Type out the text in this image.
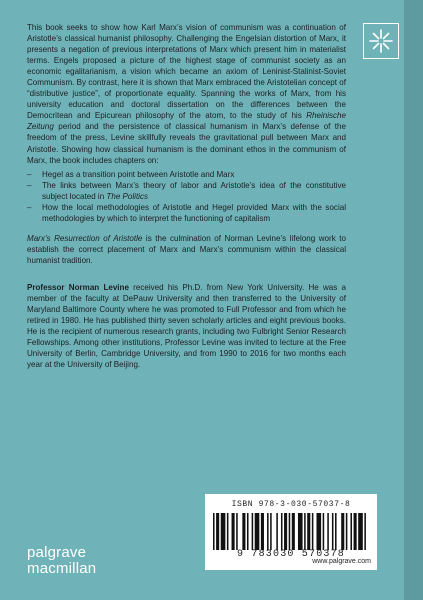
This book seeks to show how Karl Marx’s vision of communism was a continuation of Aristotle’s classical humanist philosophy. Challenging the Engelsian distortion of Marx, it presents a negation of previous interpretations of Marx which present him in materialist terms. Engels proposed a picture of the highest stage of communist society as an economic egalitarianism, a vision which became an axiom of Leninist-Stalinist-Soviet Communism. By contrast, here it is shown that Marx embraced the Aristotelian concept of “distributive justice”, of proportionate equality. Spanning the works of Marx, from his university education and doctoral dissertation on the differences between the Democritean and Epicurean philosophy of the atom, to the study of his Rheinische Zeitung period and the persistence of classical humanism in Marx’s defense of the freedom of the press, Levine skillfully reveals the gravitational pull between Marx and Aristotle. Showing how classical humanism is the dominant ethos in the communism of Marx, the book includes chapters on:

– Hegel as a transition point between Aristotle and Marx
– The links between Marx’s theory of labor and Aristotle’s idea of the constitutive subject located in The Politics
– How the local methodologies of Aristotle and Hegel provided Marx with the social methodologies by which to interpret the functioning of capitalism

Marx’s Resurrection of Aristotle is the culmination of Norman Levine’s lifelong work to establish the correct placement of Marx and Marx’s communism within the classical humanist tradition.

Professor Norman Levine received his Ph.D. from New York University. He was a member of the faculty at DePauw University and then transferred to the University of Maryland Baltimore County where he was promoted to Full Professor and from which he retired in 1980. He has published thirty seven scholarly articles and eight previous books. He is the recipient of numerous research grants, including two Fulbright Senior Research Fellowships. Among other institutions, Professor Levine was invited to lecture at the Free University of Berlin, Cambridge University, and from 1990 to 2016 for two months each year at the University of Beijing.

ISBN 978-3-030-57037-8
9 783030 570378
www.palgrave.com
palgrave
macmillan
